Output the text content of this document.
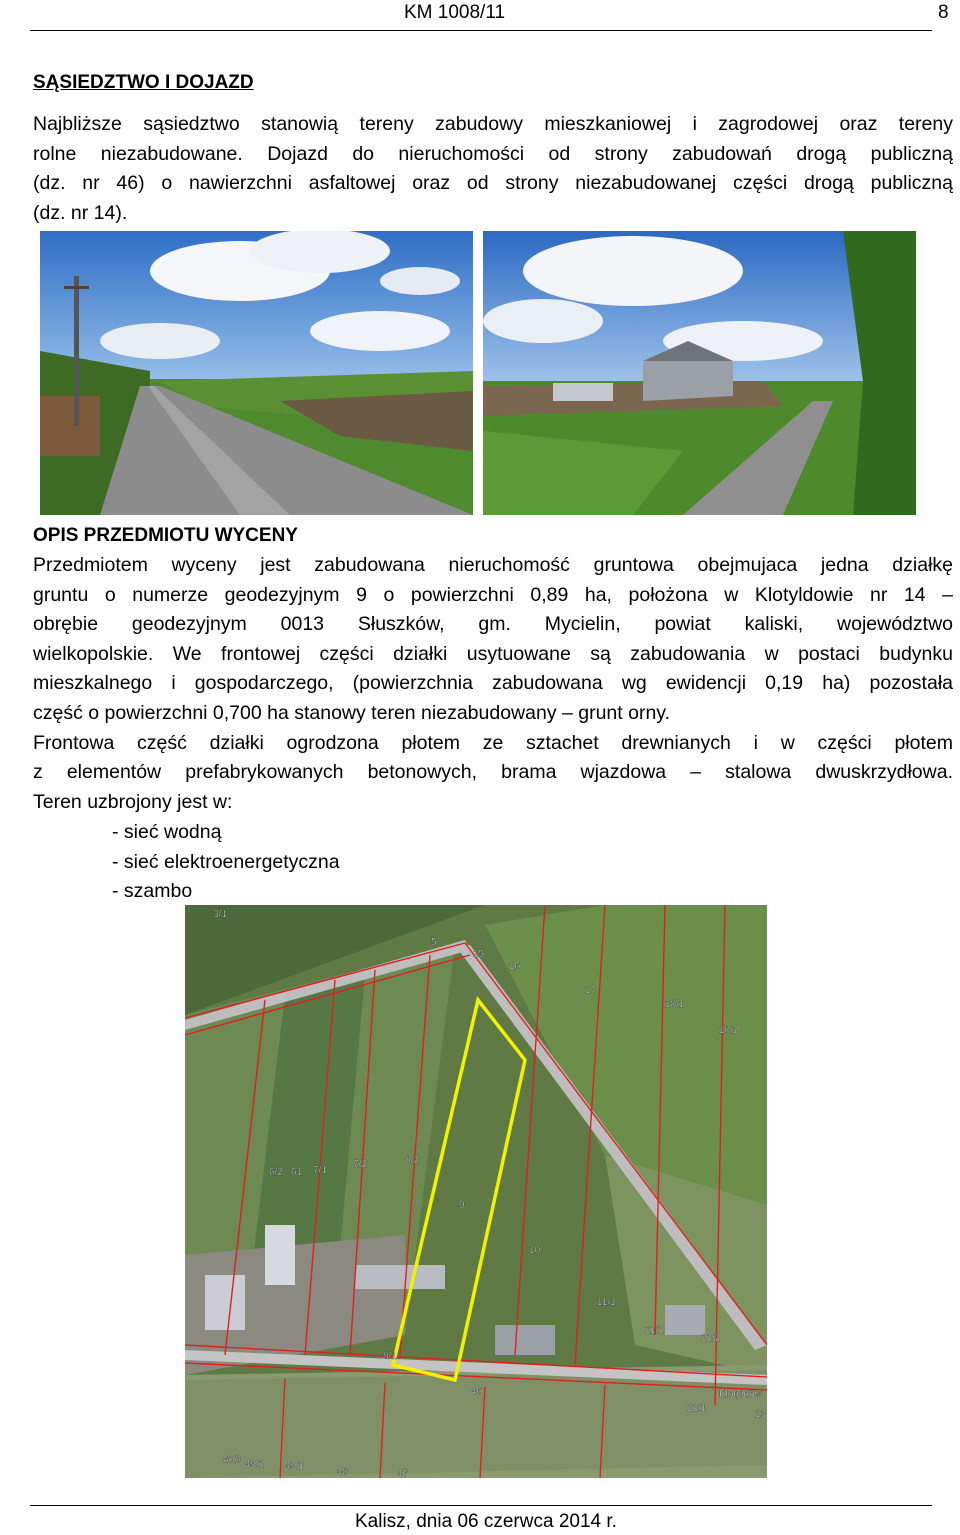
KM 1008/11	8
SĄSIEDZTWO I DOJAZD
Najbliższe sąsiedztwo stanowią tereny zabudowy mieszkaniowej i zagrodowej oraz tereny
rolne niezabudowane. Dojazd do nieruchomości od strony zabudowań drogą publiczną
(dz. nr 46) o nawierzchni asfaltowej oraz od strony niezabudowanej części drogą publiczną
(dz. nr 14).
OPIS PRZEDMIOTU WYCENY
Przedmiotem wyceny jest zabudowana nieruchomość gruntowa obejmujaca jedna działkę
gruntu o numerze geodezyjnym 9 o powierzchni 0,89 ha, położona w Klotyldowie nr 14 –
obrębie geodezyjnym 0013 Słuszków, gm. Mycielin, powiat kaliski, województwo
wielkopolskie. We frontowej części działki usytuowane są zabudowania w postaci budynku
mieszkalnego i gospodarczego, (powierzchnia zabudowana wg ewidencji 0,19 ha) pozostała
część o powierzchni 0,700 ha stanowy teren niezabudowany – grunt orny.
Frontowa część działki ogrodzona płotem ze sztachet drewnianych i w części płotem
z elementów prefabrykowanych betonowych, brama wjazdowa – stalowa dwuskrzydłowa.
Teren uzbrojony jest w:
- sieć wodną
- sieć elektroenergetyczna
- szambo
3/1
5
15
16
17
18/1
18/2
6/2 61 7/1
7/2	8/2
9
10
11/1
11/2
12/2
8/1
46
12/1
13
60/3 49/2 49/1
48	47
Klotyldów
Kalisz, dnia 06 czerwca 2014 r.
